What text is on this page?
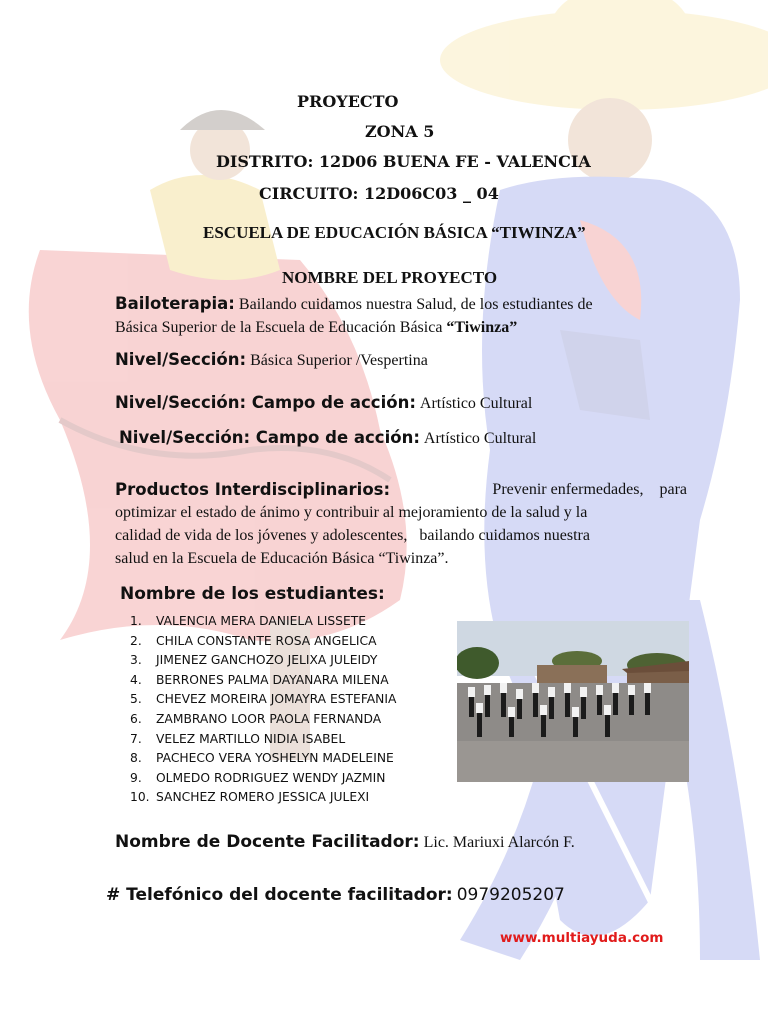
PROYECTO
ZONA 5
DISTRITO: 12D06 BUENA FE - VALENCIA
CIRCUITO: 12D06C03 _ 04
ESCUELA DE EDUCACIÓN BÁSICA “TIWINZA”
NOMBRE DEL PROYECTO
Bailoterapia: Bailando cuidamos nuestra Salud, de los estudiantes de
Básica Superior de la Escuela de Educación Básica “Tiwinza”
Nivel/Sección: Básica Superior /Vespertina
Nivel/Sección: Campo de acción: Artístico Cultural
Nivel/Sección: Campo de acción: Artístico Cultural
Productos Interdisciplinarios:	Prevenir enfermedades,    para
optimizar el estado de ánimo y contribuir al mejoramiento de la salud y la
calidad de vida de los jóvenes y adolescentes,   bailando cuidamos nuestra
salud en la Escuela de Educación Básica “Tiwinza”.
Nombre de los estudiantes:
1. VALENCIA MERA DANIELA LISSETE
2. CHILA CONSTANTE ROSA ANGELICA
3. JIMENEZ GANCHOZO JELIXA JULEIDY
4. BERRONES PALMA DAYANARA MILENA
5. CHEVEZ MOREIRA JOMAYRA ESTEFANIA
6. ZAMBRANO LOOR PAOLA FERNANDA
7. VELEZ MARTILLO NIDIA ISABEL
8. PACHECO VERA YOSHELYN MADELEINE
9. OLMEDO RODRIGUEZ WENDY JAZMIN
10. SANCHEZ ROMERO JESSICA JULEXI
Nombre de Docente Facilitador: Lic. Mariuxi Alarcón F.
# Telefónico del docente facilitador: 0979205207
www.multiayuda.com
